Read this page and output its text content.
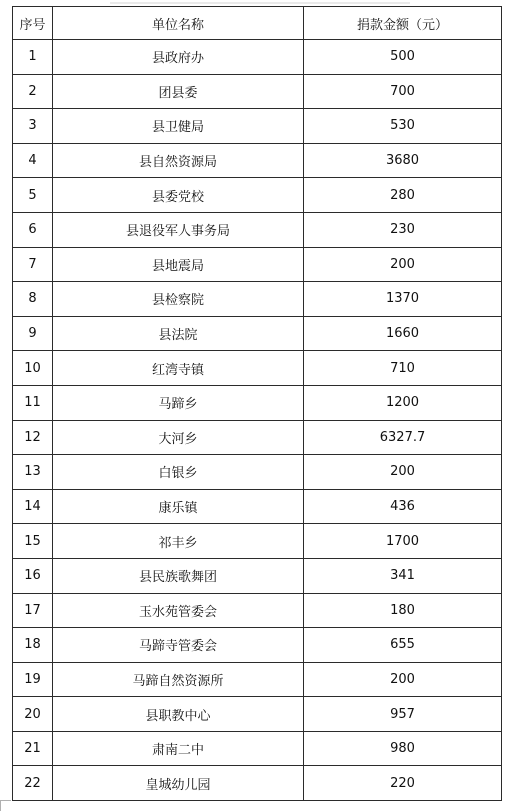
序号	单位名称	捐款金额（元）
1	县政府办	500
2	团县委	700
3	县卫健局	530
4	县自然资源局	3680
5	县委党校	280
6	县退役军人事务局	230
7	县地震局	200
8	县检察院	1370
9	县法院	1660
10	红湾寺镇	710
11	马蹄乡	1200
12	大河乡	6327.7
13	白银乡	200
14	康乐镇	436
15	祁丰乡	1700
16	县民族歌舞团	341
17	玉水苑管委会	180
18	马蹄寺管委会	655
19	马蹄自然资源所	200
20	县职教中心	957
21	肃南二中	980
22	皇城幼儿园	220
